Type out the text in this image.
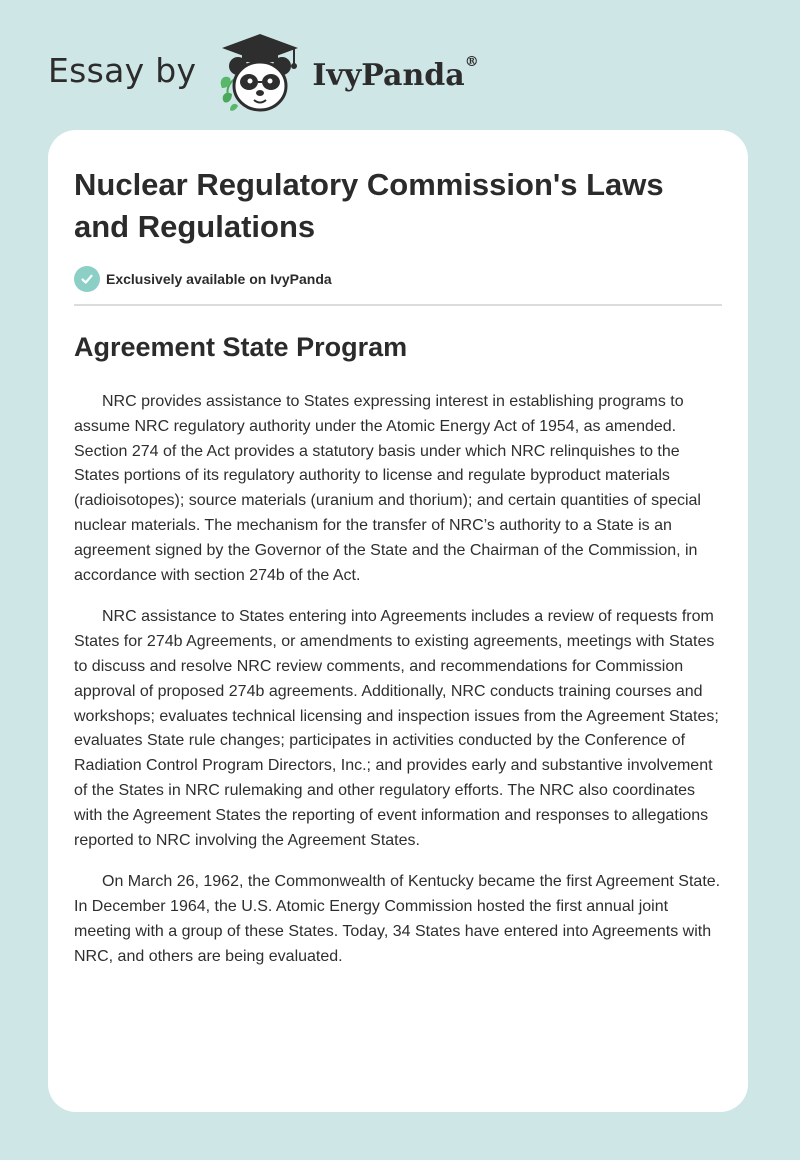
Essay by	IvyPanda®
Nuclear Regulatory Commission's Laws and Regulations
Exclusively available on IvyPanda
Agreement State Program

NRC provides assistance to States expressing interest in establishing programs to assume NRC regulatory authority under the Atomic Energy Act of 1954, as amended. Section 274 of the Act provides a statutory basis under which NRC relinquishes to the States portions of its regulatory authority to license and regulate byproduct materials (radioisotopes); source materials (uranium and thorium); and certain quantities of special nuclear materials. The mechanism for the transfer of NRC’s authority to a State is an agreement signed by the Governor of the State and the Chairman of the Commission, in accordance with section 274b of the Act.

NRC assistance to States entering into Agreements includes a review of requests from States for 274b Agreements, or amendments to existing agreements, meetings with States to discuss and resolve NRC review comments, and recommendations for Commission approval of proposed 274b agreements. Additionally, NRC conducts training courses and workshops; evaluates technical licensing and inspection issues from the Agreement States; evaluates State rule changes; participates in activities conducted by the Conference of Radiation Control Program Directors, Inc.; and provides early and substantive involvement of the States in NRC rulemaking and other regulatory efforts. The NRC also coordinates with the Agreement States the reporting of event information and responses to allegations reported to NRC involving the Agreement States.

On March 26, 1962, the Commonwealth of Kentucky became the first Agreement State. In December 1964, the U.S. Atomic Energy Commission hosted the first annual joint meeting with a group of these States. Today, 34 States have entered into Agreements with NRC, and others are being evaluated.
